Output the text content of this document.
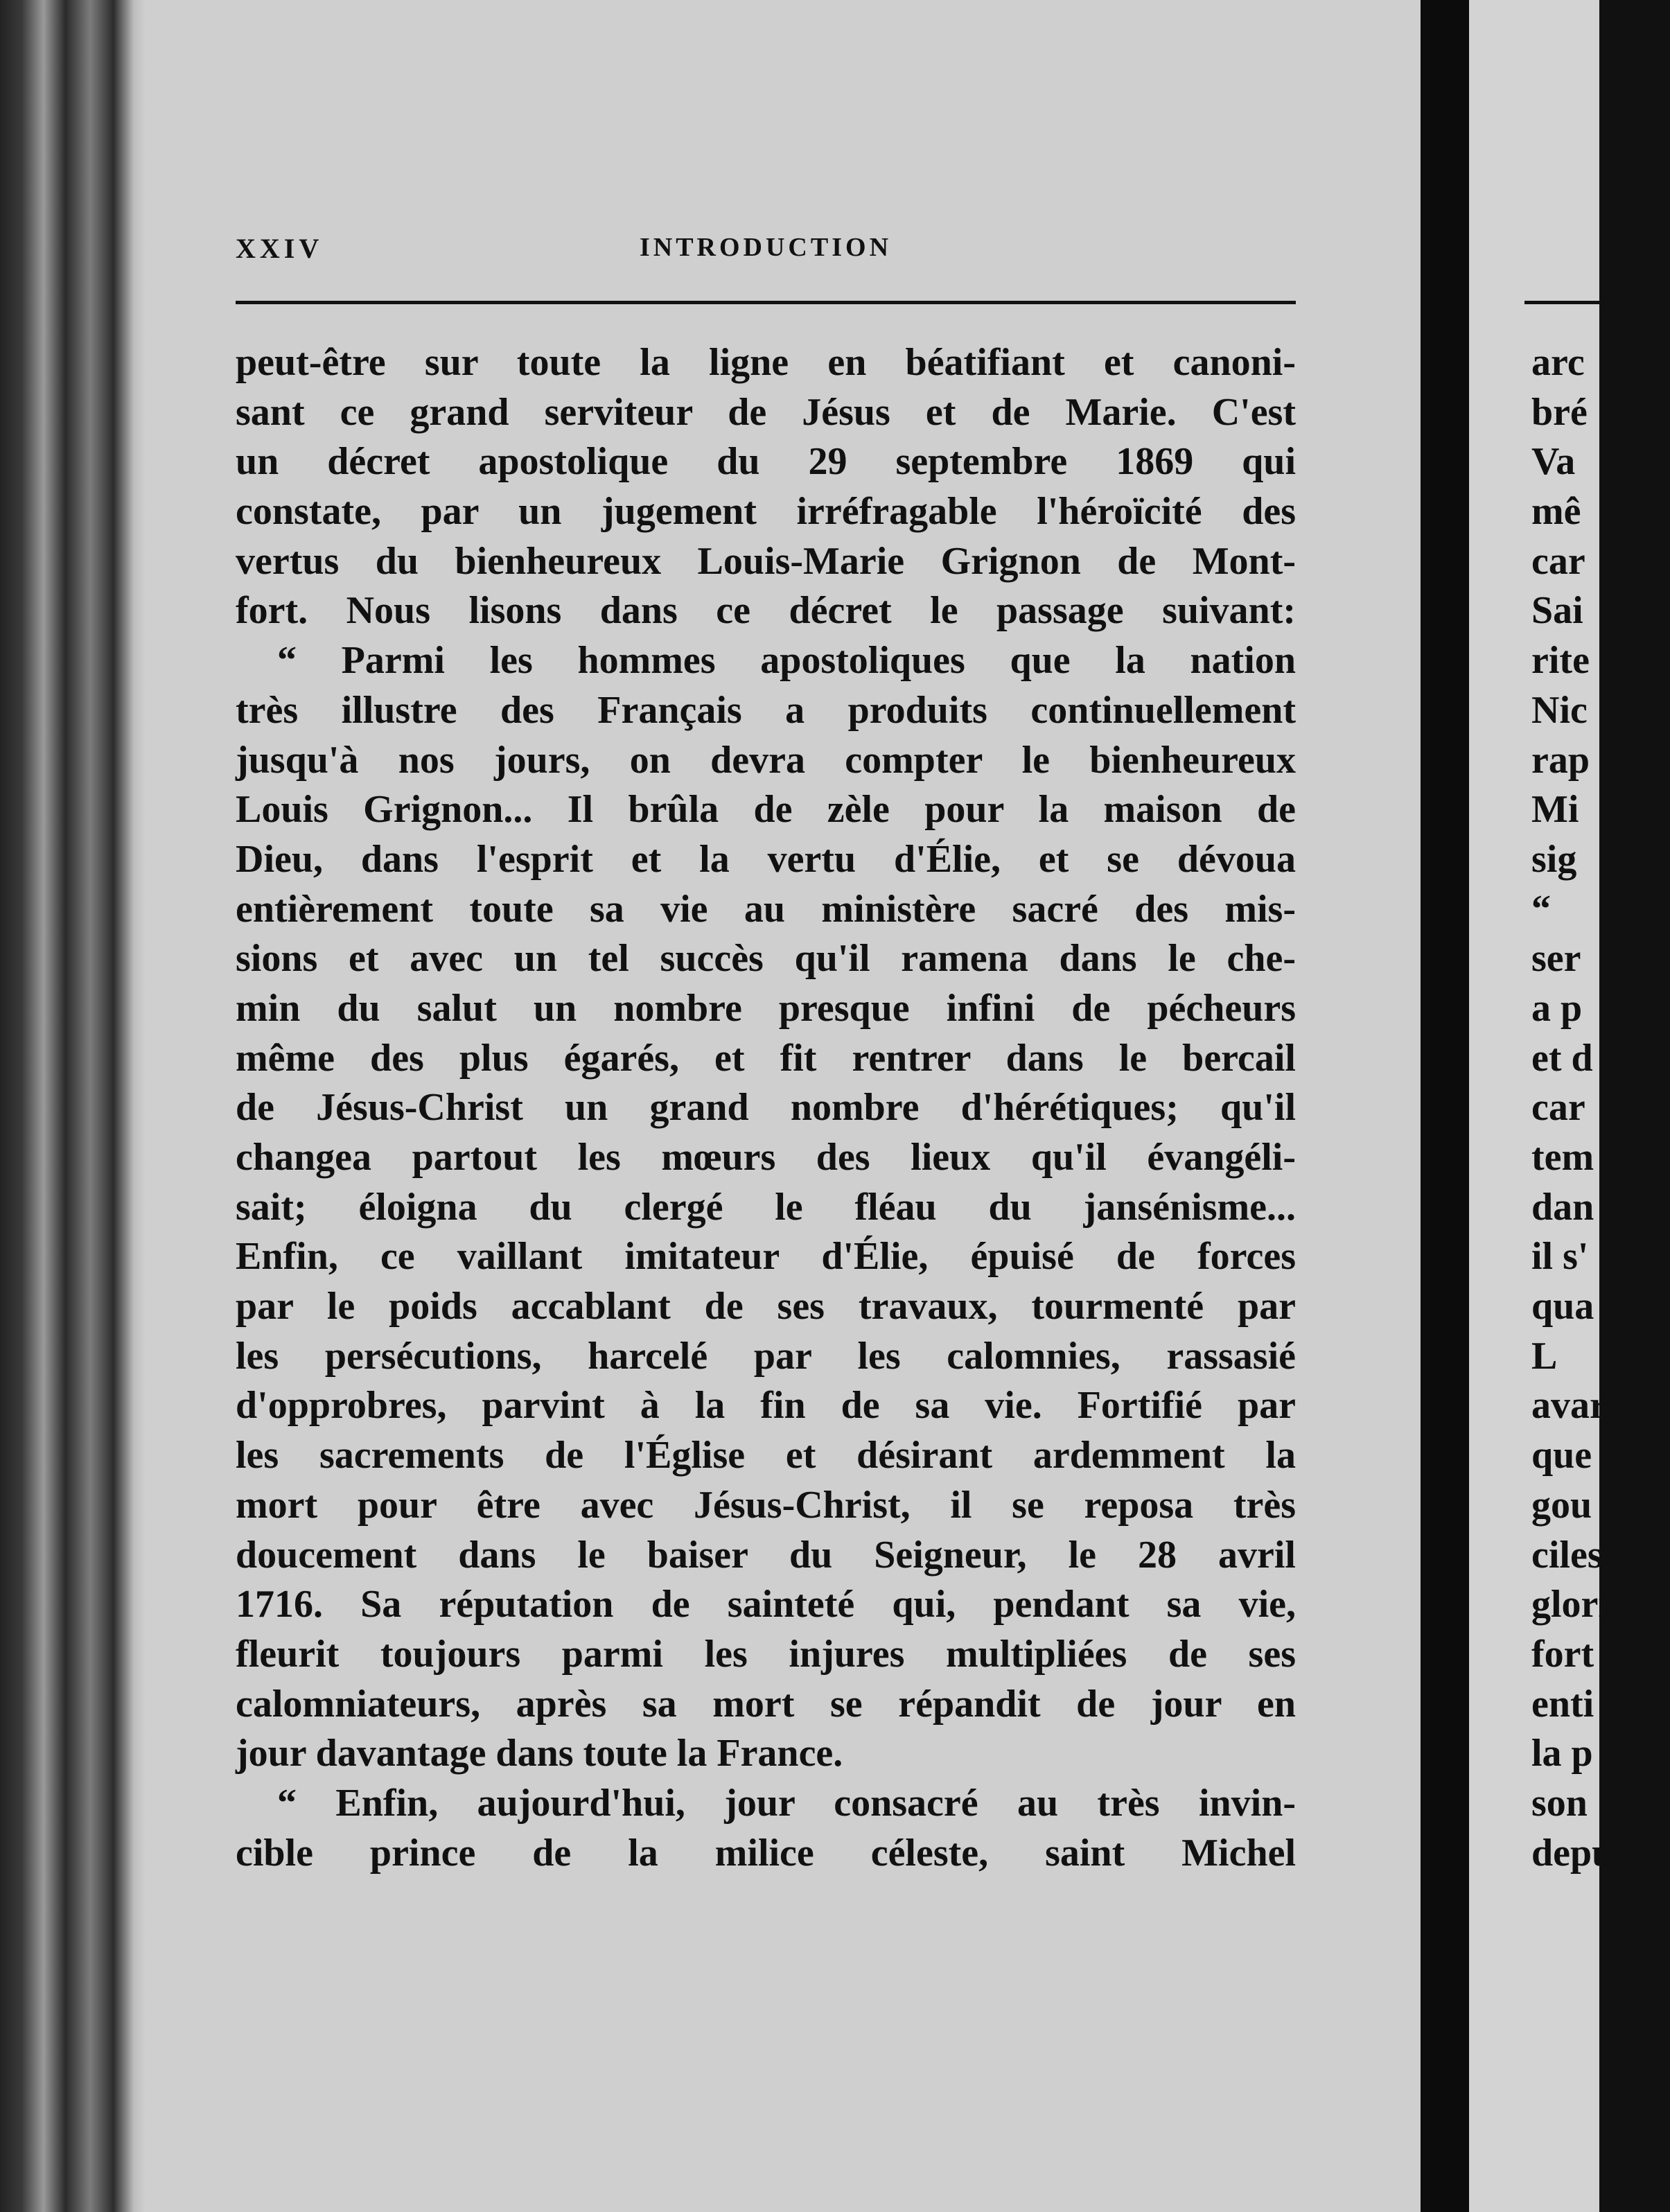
XXIV	INTRODUCTION
peut-être sur toute la ligne en béatifiant et canoni-
sant ce grand serviteur de Jésus et de Marie. C'est
un décret apostolique du 29 septembre 1869 qui
constate, par un jugement irréfragable l'héroïcité des
vertus du bienheureux Louis-Marie Grignon de Mont-
fort. Nous lisons dans ce décret le passage suivant:
“ Parmi les hommes apostoliques que la nation
très illustre des Français a produits continuellement
jusqu'à nos jours, on devra compter le bienheureux
Louis Grignon... Il brûla de zèle pour la maison de
Dieu, dans l'esprit et la vertu d'Élie, et se dévoua
entièrement toute sa vie au ministère sacré des mis-
sions et avec un tel succès qu'il ramena dans le che-
min du salut un nombre presque infini de pécheurs
même des plus égarés, et fit rentrer dans le bercail
de Jésus-Christ un grand nombre d'hérétiques; qu'il
changea partout les mœurs des lieux qu'il évangéli-
sait; éloigna du clergé le fléau du jansénisme...
Enfin, ce vaillant imitateur d'Élie, épuisé de forces
par le poids accablant de ses travaux, tourmenté par
les persécutions, harcelé par les calomnies, rassasié
d'opprobres, parvint à la fin de sa vie. Fortifié par
les sacrements de l'Église et désirant ardemment la
mort pour être avec Jésus-Christ, il se reposa très
doucement dans le baiser du Seigneur, le 28 avril
1716. Sa réputation de sainteté qui, pendant sa vie,
fleurit toujours parmi les injures multipliées de ses
calomniateurs, après sa mort se répandit de jour en
jour davantage dans toute la France.
“ Enfin, aujourd'hui, jour consacré au très invin-
cible prince de la milice céleste, saint Michel
arc
bré
Va
mê
car
Sai
rite
Nic
rap
Mi
sig
“
ser
a p
et d
car
tem
dan
il s'
qua
L
avar
que
gou
ciles
glori
fort
enti
la p
son
depu
